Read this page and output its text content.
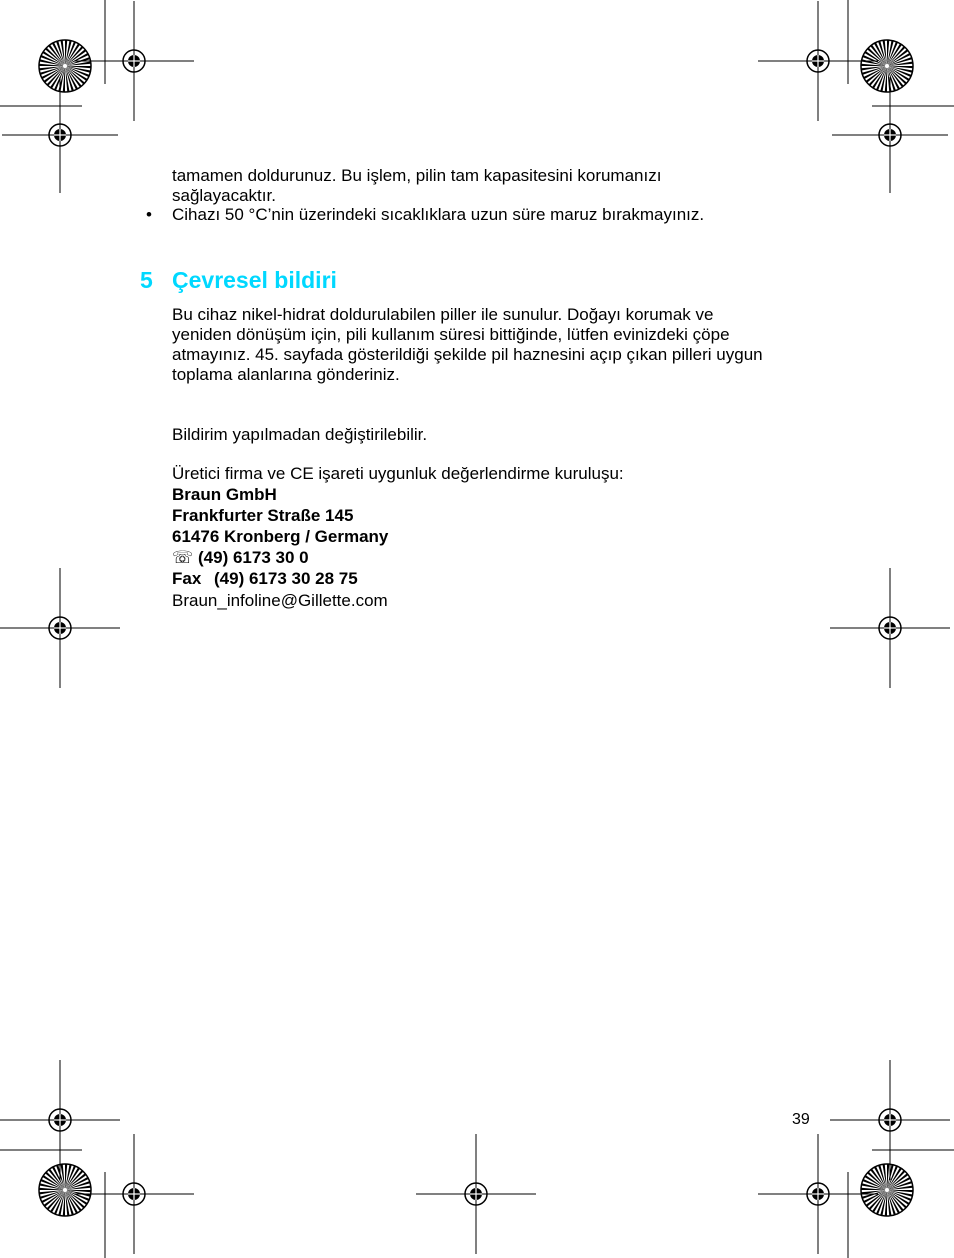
tamamen doldurunuz. Bu işlem, pilin tam kapasitesini korumanızı
sağlayacaktır.
• Cihazı 50 °C’nin üzerindeki sıcaklıklara uzun süre maruz bırakmayınız.
5 Çevresel bildiri
Bu cihaz nikel-hidrat doldurulabilen piller ile sunulur. Doğayı korumak ve
yeniden dönüşüm için, pili kullanım süresi bittiğinde, lütfen evinizdeki çöpe
atmayınız. 45. sayfada gösterildiği şekilde pil haznesini açıp çıkan pilleri uygun
toplama alanlarına gönderiniz.
Bildirim yapılmadan değiştirilebilir.
Üretici firma ve CE işareti uygunluk değerlendirme kuruluşu:
Braun GmbH
Frankfurter Straße 145
61476 Kronberg / Germany
☏ (49) 6173 30 0
Fax (49) 6173 30 28 75
Braun_infoline@Gillette.com
39
